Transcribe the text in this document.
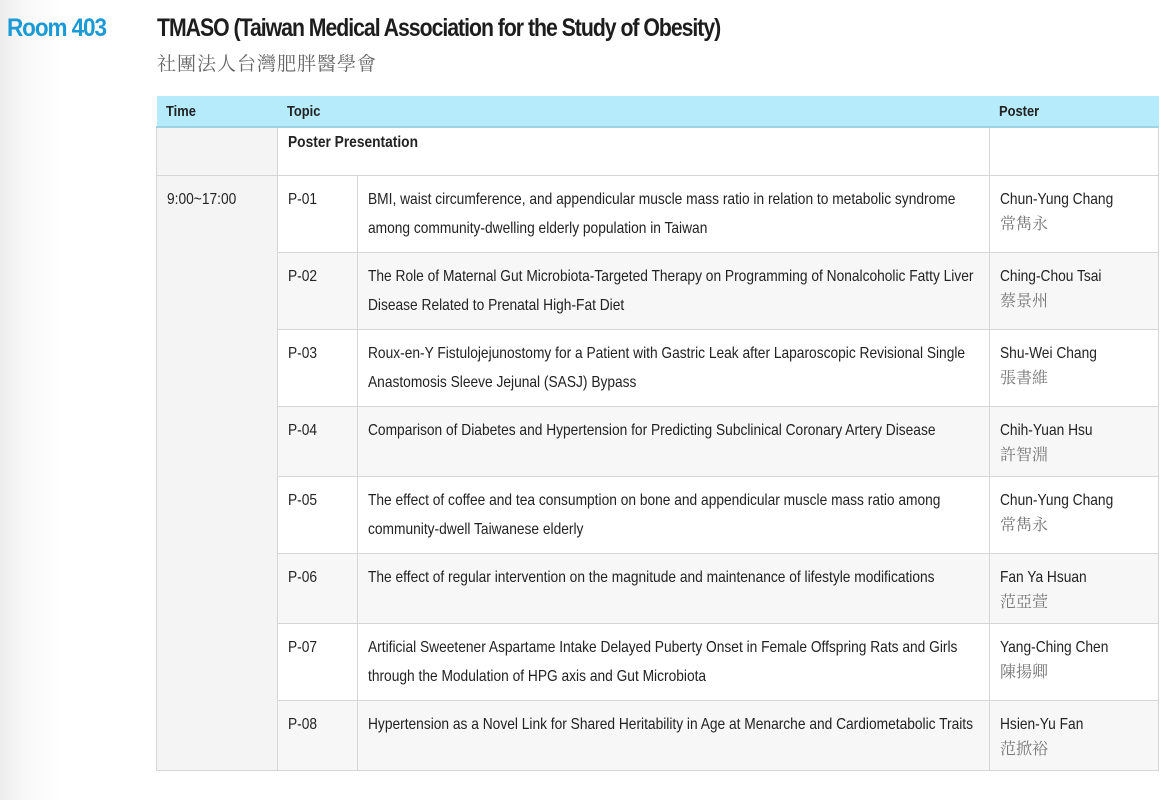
Room 403 TMASO (Taiwan Medical Association for the Study of Obesity)
社團法人台灣肥胖醫學會
Time	Topic		Poster
	Poster Presentation		
9:00~17:00	P-01	BMI, waist circumference, and appendicular muscle mass ratio in relation to metabolic syndrome among community-dwelling elderly population in Taiwan	Chun-Yung Chang
常雋永

	P-02	The Role of Maternal Gut Microbiota-Targeted Therapy on Programming of Nonalcoholic Fatty Liver Disease Related to Prenatal High-Fat Diet	Ching-Chou Tsai
蔡景州

	P-03	Roux-en-Y Fistulojejunostomy for a Patient with Gastric Leak after Laparoscopic Revisional Single Anastomosis Sleeve Jejunal (SASJ) Bypass	Shu-Wei Chang
張書維

	P-04	Comparison of Diabetes and Hypertension for Predicting Subclinical Coronary Artery Disease	Chih-Yuan Hsu
許智淵

	P-05	The effect of coffee and tea consumption on bone and appendicular muscle mass ratio among community-dwell Taiwanese elderly	Chun-Yung Chang
常雋永

	P-06	The effect of regular intervention on the magnitude and maintenance of lifestyle modifications	Fan Ya Hsuan
范亞萱

	P-07	Artificial Sweetener Aspartame Intake Delayed Puberty Onset in Female Offspring Rats and Girls through the Modulation of HPG axis and Gut Microbiota	Yang-Ching Chen
陳揚卿

	P-08	Hypertension as a Novel Link for Shared Heritability in Age at Menarche and Cardiometabolic Traits	Hsien-Yu Fan
范掀裕
